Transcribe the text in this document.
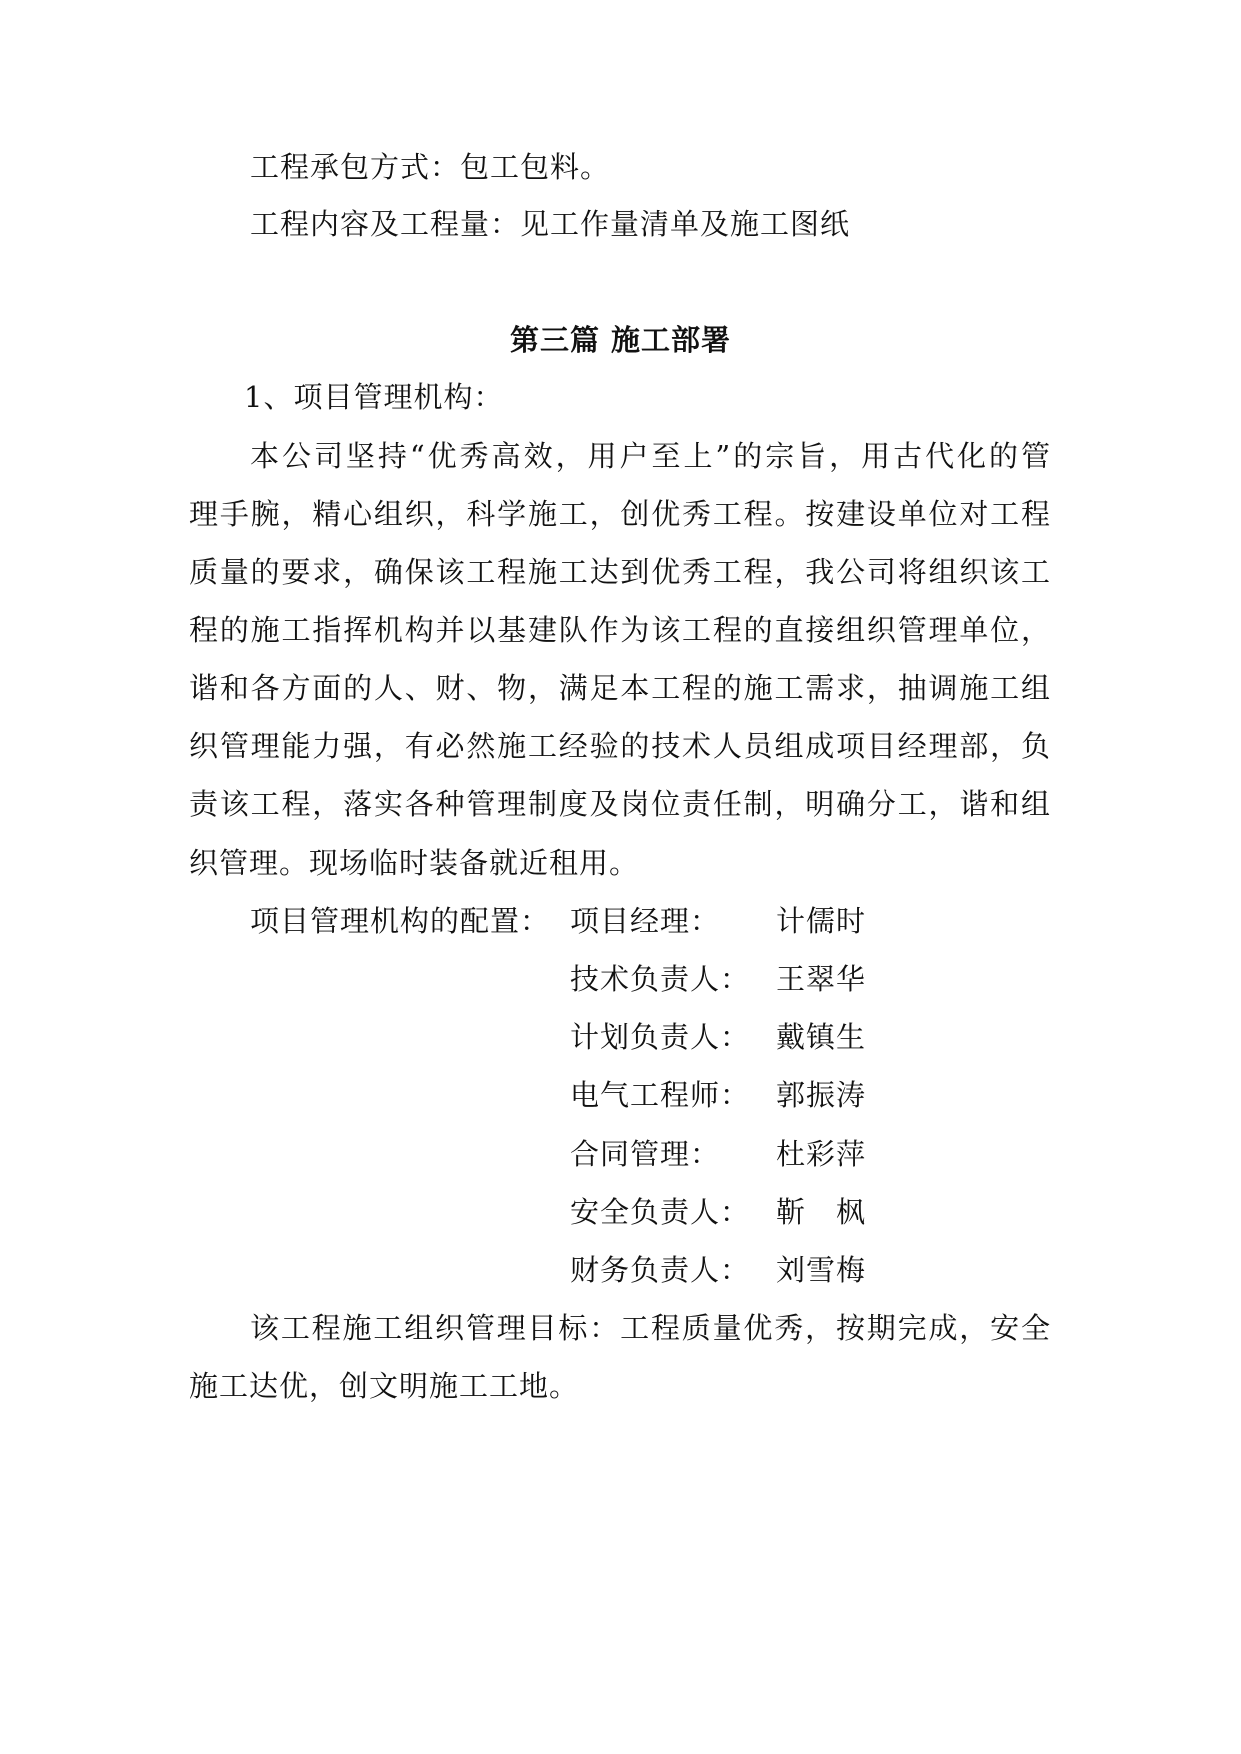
工程承包方式：包工包料。
工程内容及工程量：见工作量清单及施工图纸
第三篇 施工部署
1、项目管理机构：
本公司坚持“优秀高效，用户至上”的宗旨，用古代化的管
理手腕，精心组织，科学施工，创优秀工程。按建设单位对工程
质量的要求，确保该工程施工达到优秀工程，我公司将组织该工
程的施工指挥机构并以基建队作为该工程的直接组织管理单位，
谐和各方面的人、财、物，满足本工程的施工需求，抽调施工组
织管理能力强，有必然施工经验的技术人员组成项目经理部，负
责该工程，落实各种管理制度及岗位责任制，明确分工，谐和组
织管理。现场临时装备就近租用。
项目管理机构的配置： 项目经理： 计儒时
技术负责人： 王翠华
计划负责人： 戴镇生
电气工程师： 郭振涛
合同管理： 杜彩萍
安全负责人： 靳　枫
财务负责人： 刘雪梅
该工程施工组织管理目标：工程质量优秀，按期完成，安全
施工达优，创文明施工工地。
